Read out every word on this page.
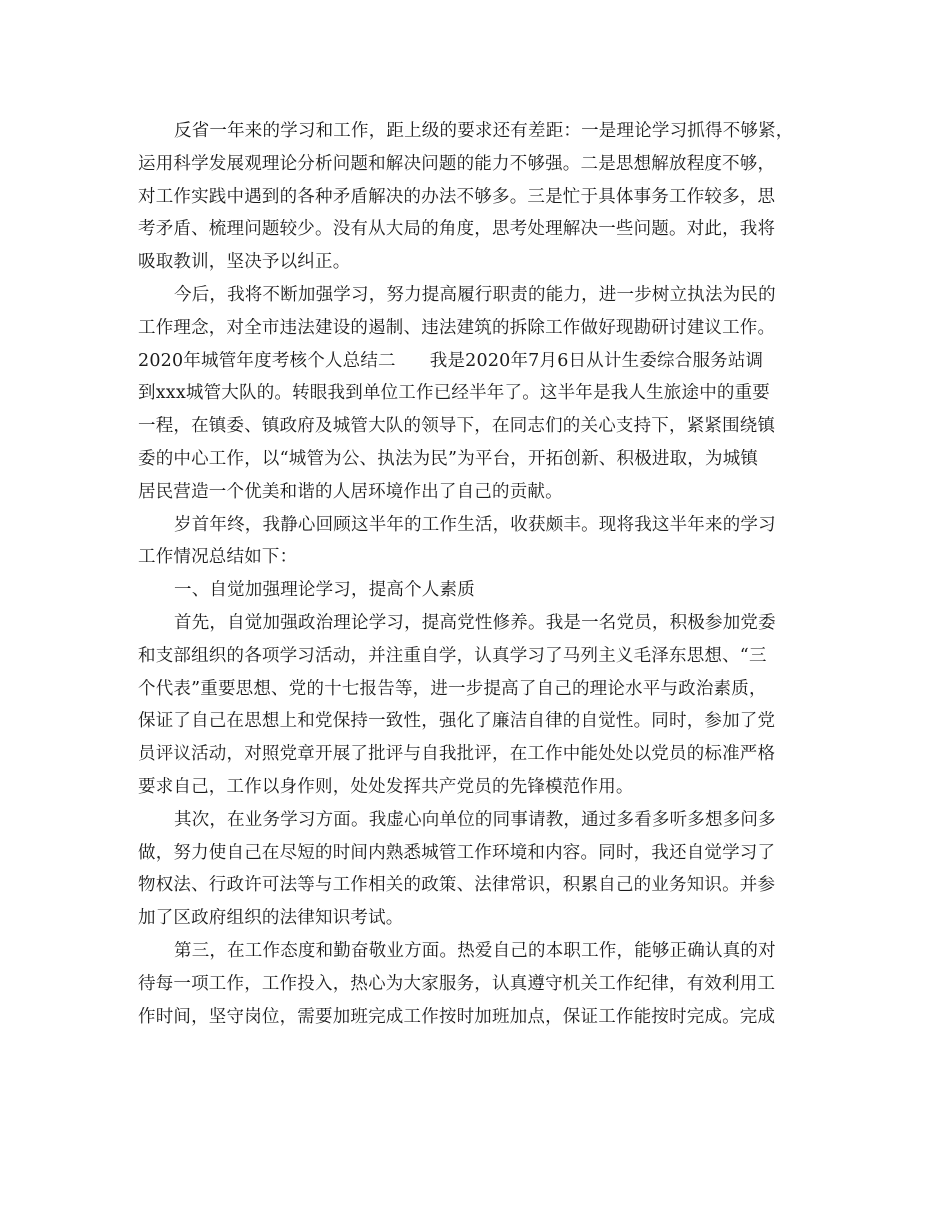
反省一年来的学习和工作，距上级的要求还有差距：一是理论学习抓得不够紧，
运用科学发展观理论分析问题和解决问题的能力不够强。二是思想解放程度不够，
对工作实践中遇到的各种矛盾解决的办法不够多。三是忙于具体事务工作较多，思
考矛盾、梳理问题较少。没有从大局的角度，思考处理解决一些问题。对此，我将
吸取教训，坚决予以纠正。
今后，我将不断加强学习，努力提高履行职责的能力，进一步树立执法为民的
工作理念，对全市违法建设的遏制、违法建筑的拆除工作做好现勘研讨建议工作。
2020年城管年度考核个人总结二 我是2020年7月6日从计生委综合服务站调
到xxx城管大队的。转眼我到单位工作已经半年了。这半年是我人生旅途中的重要
一程，在镇委、镇政府及城管大队的领导下，在同志们的关心支持下，紧紧围绕镇
委的中心工作，以“城管为公、执法为民”为平台，开拓创新、积极进取，为城镇
居民营造一个优美和谐的人居环境作出了自己的贡献。
岁首年终，我静心回顾这半年的工作生活，收获颇丰。现将我这半年来的学习
工作情况总结如下：
一、自觉加强理论学习，提高个人素质
首先，自觉加强政治理论学习，提高党性修养。我是一名党员，积极参加党委
和支部组织的各项学习活动，并注重自学，认真学习了马列主义毛泽东思想、“三
个代表”重要思想、党的十七报告等，进一步提高了自己的理论水平与政治素质，
保证了自己在思想上和党保持一致性，强化了廉洁自律的自觉性。同时，参加了党
员评议活动，对照党章开展了批评与自我批评，在工作中能处处以党员的标准严格
要求自己，工作以身作则，处处发挥共产党员的先锋模范作用。
其次，在业务学习方面。我虚心向单位的同事请教，通过多看多听多想多问多
做，努力使自己在尽短的时间内熟悉城管工作环境和内容。同时，我还自觉学习了
物权法、行政许可法等与工作相关的政策、法律常识，积累自己的业务知识。并参
加了区政府组织的法律知识考试。
第三，在工作态度和勤奋敬业方面。热爱自己的本职工作，能够正确认真的对
待每一项工作，工作投入，热心为大家服务，认真遵守机关工作纪律，有效利用工
作时间，坚守岗位，需要加班完成工作按时加班加点，保证工作能按时完成。完成
